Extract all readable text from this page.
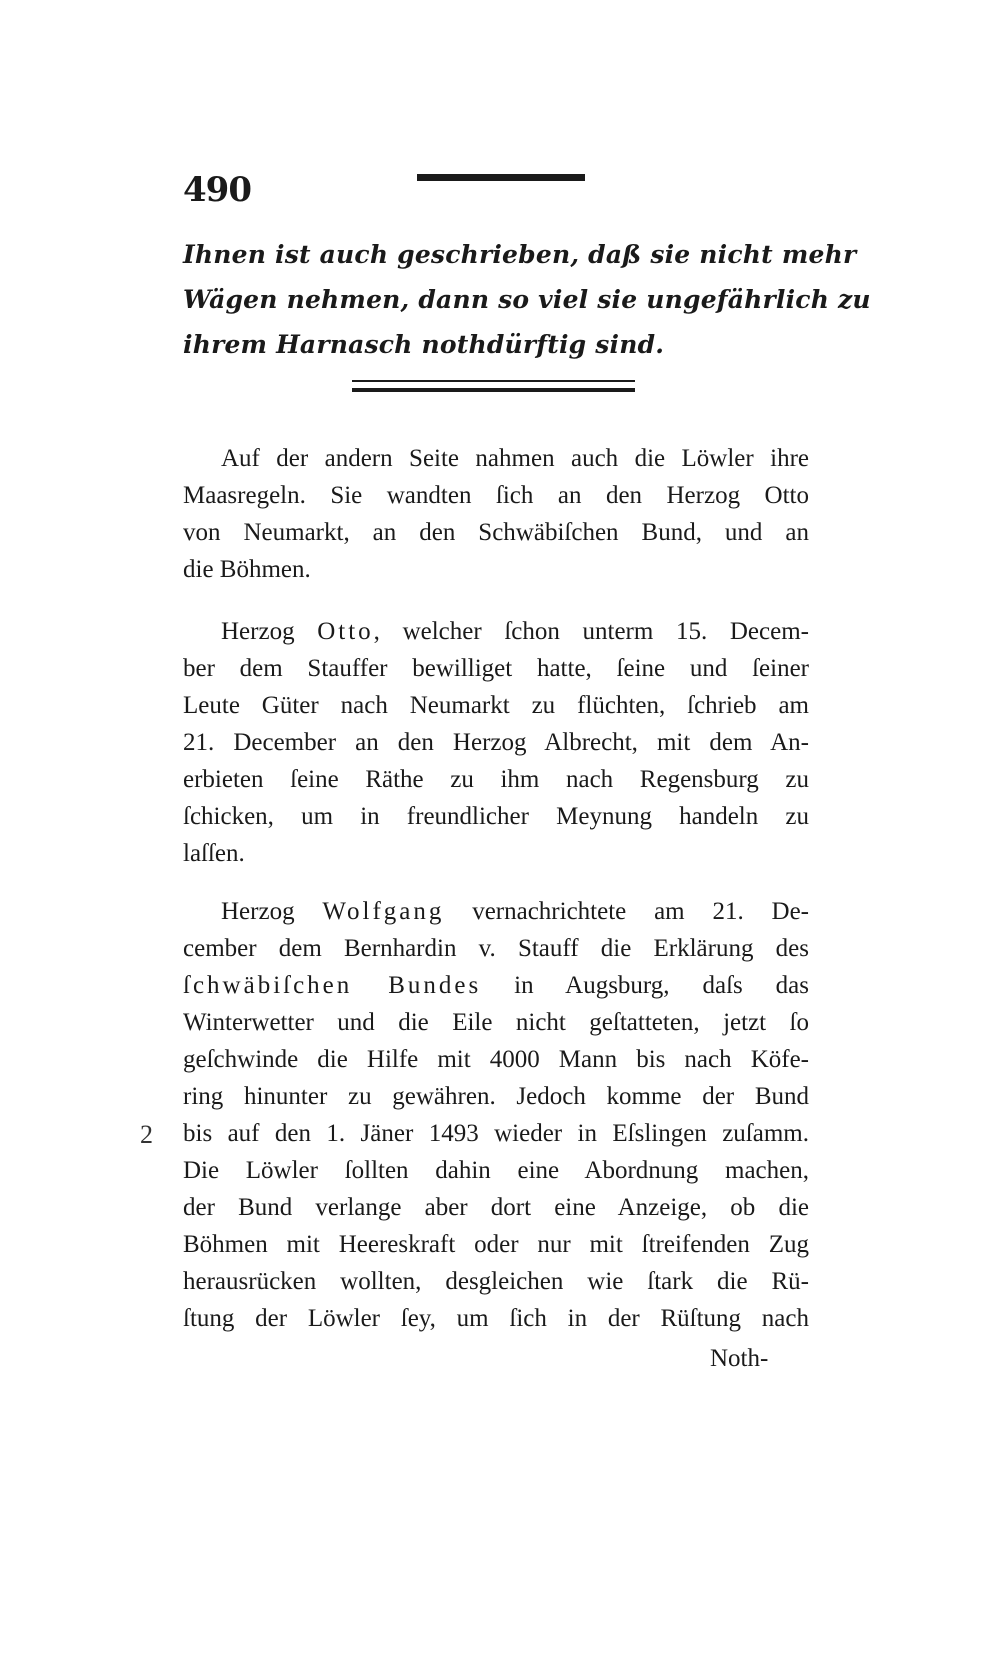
490
Ihnen ist auch geschrieben, daß sie nicht mehr
Wägen nehmen, dann so viel sie ungefährlich zu
ihrem Harnasch nothdürftig sind.
Auf der andern Seite nahmen auch die Löwler ihre
Maasregeln. Sie wandten ſich an den Herzog Otto
von Neumarkt, an den Schwäbiſchen Bund, und an
die Böhmen.
Herzog Otto, welcher ſchon unterm 15. Decem-
ber dem Stauffer bewilliget hatte, ſeine und ſeiner
Leute Güter nach Neumarkt zu flüchten, ſchrieb am
21. December an den Herzog Albrecht, mit dem An-
erbieten ſeine Räthe zu ihm nach Regensburg zu
ſchicken, um in freundlicher Meynung handeln zu
laſſen.
Herzog Wolfgang vernachrichtete am 21. De-
cember dem Bernhardin v. Stauff die Erklärung des
ſchwäbiſchen Bundes in Augsburg, daſs das
Winterwetter und die Eile nicht geſtatteten, jetzt ſo
geſchwinde die Hilfe mit 4000 Mann bis nach Köfe-
ring hinunter zu gewähren. Jedoch komme der Bund
bis auf den 1. Jäner 1493 wieder in Eſslingen zuſamm.
Die Löwler ſollten dahin eine Abordnung machen,
der Bund verlange aber dort eine Anzeige, ob die
Böhmen mit Heereskraft oder nur mit ſtreifenden Zug
herausrücken wollten, desgleichen wie ſtark die Rü-
ſtung der Löwler ſey, um ſich in der Rüſtung nach
2
Noth-
